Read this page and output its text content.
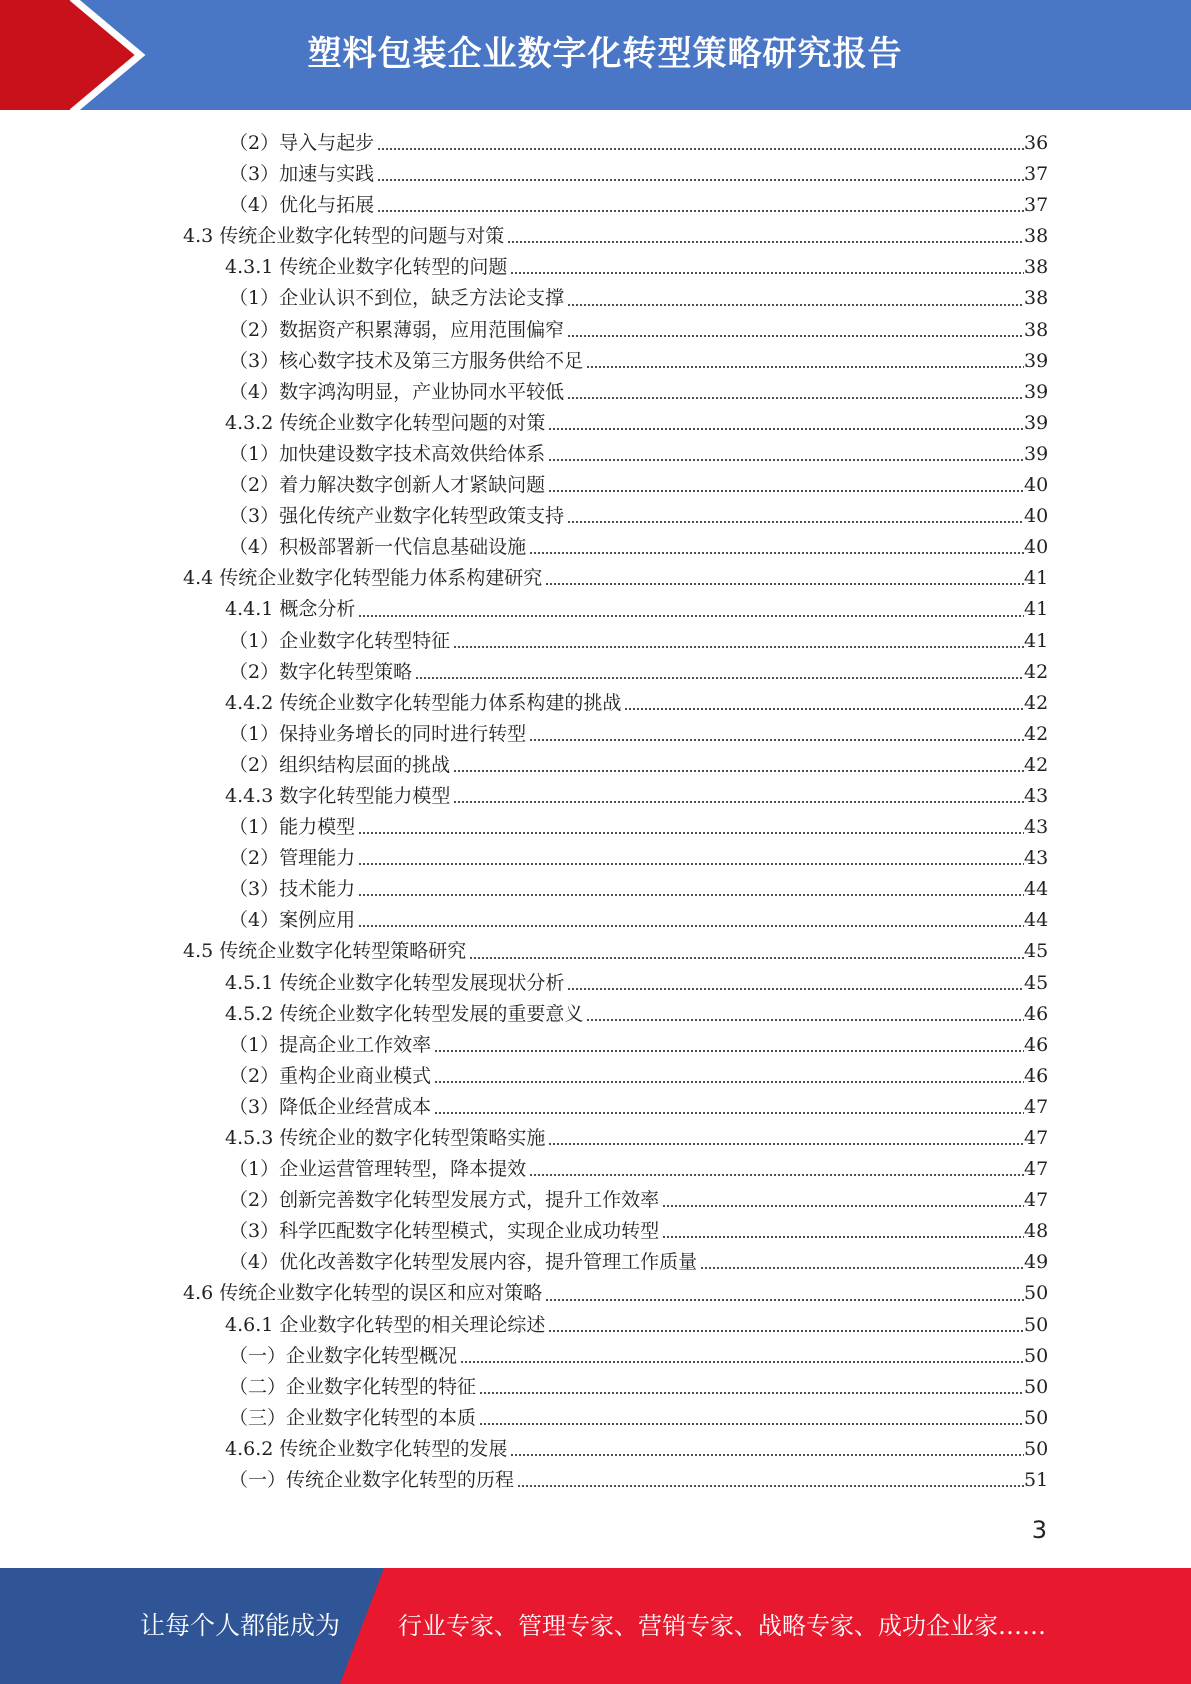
塑料包装企业数字化转型策略研究报告
（2）导入与起步	36
（3）加速与实践	37
（4）优化与拓展	37
4.3 传统企业数字化转型的问题与对策	38
4.3.1 传统企业数字化转型的问题	38
（1）企业认识不到位，缺乏方法论支撑	38
（2）数据资产积累薄弱，应用范围偏窄	38
（3）核心数字技术及第三方服务供给不足	39
（4）数字鸿沟明显，产业协同水平较低	39
4.3.2 传统企业数字化转型问题的对策	39
（1）加快建设数字技术高效供给体系	39
（2）着力解决数字创新人才紧缺问题	40
（3）强化传统产业数字化转型政策支持	40
（4）积极部署新一代信息基础设施	40
4.4 传统企业数字化转型能力体系构建研究	41
4.4.1 概念分析	41
（1）企业数字化转型特征	41
（2）数字化转型策略	42
4.4.2 传统企业数字化转型能力体系构建的挑战	42
（1）保持业务增长的同时进行转型	42
（2）组织结构层面的挑战	42
4.4.3 数字化转型能力模型	43
（1）能力模型	43
（2）管理能力	43
（3）技术能力	44
（4）案例应用	44
4.5 传统企业数字化转型策略研究	45
4.5.1 传统企业数字化转型发展现状分析	45
4.5.2 传统企业数字化转型发展的重要意义	46
（1）提高企业工作效率	46
（2）重构企业商业模式	46
（3）降低企业经营成本	47
4.5.3 传统企业的数字化转型策略实施	47
（1）企业运营管理转型，降本提效	47
（2）创新完善数字化转型发展方式，提升工作效率	47
（3）科学匹配数字化转型模式，实现企业成功转型	48
（4）优化改善数字化转型发展内容，提升管理工作质量	49
4.6 传统企业数字化转型的误区和应对策略	50
4.6.1 企业数字化转型的相关理论综述	50
（一）企业数字化转型概况	50
（二）企业数字化转型的特征	50
（三）企业数字化转型的本质	50
4.6.2 传统企业数字化转型的发展	50
（一）传统企业数字化转型的历程	51
3
让每个人都能成为 行业专家、管理专家、营销专家、战略专家、成功企业家……
